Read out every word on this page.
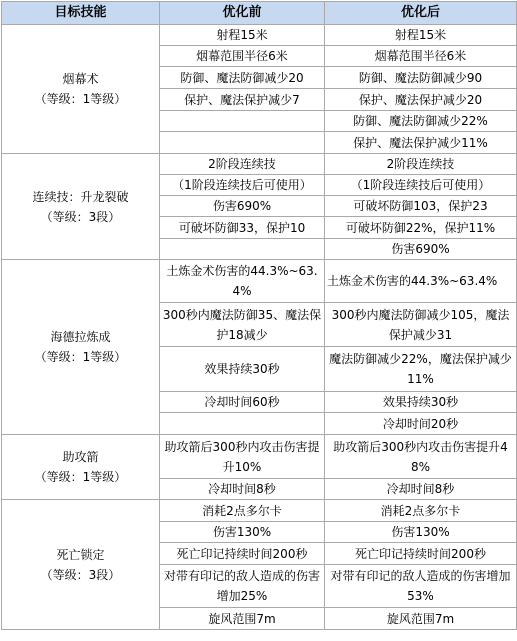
目标技能	优化前	优化后

烟幕术
（等级：1等级）	射程15米	射程15米
	烟幕范围半径6米	烟幕范围半径6米
	防御、魔法防御减少20	防御、魔法防御减少90
	保护、魔法保护减少7	保护、魔法保护减少20
		防御、魔法防御减少22%
		保护、魔法保护减少11%

连续技：升龙裂破
（等级：3段）	2阶段连续技	2阶段连续技
	（1阶段连续技后可使用）	（1阶段连续技后可使用）
	伤害690%	可破坏防御103，保护23
	可破坏防御33，保护10	可破坏防御22%，保护11%
		伤害690%

海德拉炼成
（等级：1等级）	土炼金术伤害的44.3%~63.4%	土炼金术伤害的44.3%~63.4%
	300秒内魔法防御35、魔法保护18减少	300秒内魔法防御减少105，魔法保护减少31
	效果持续30秒	魔法防御减少22%，魔法保护减少11%
	冷却时间60秒	效果持续30秒
		冷却时间20秒

助攻箭
（等级：1等级）	助攻箭后300秒内攻击伤害提升10%	助攻箭后300秒内攻击伤害提升48%
	冷却时间8秒	冷却时间8秒

死亡锁定
（等级：3段）	消耗2点多尔卡	消耗2点多尔卡
	伤害130%	伤害130%
	死亡印记持续时间200秒	死亡印记持续时间200秒
	对带有印记的敌人造成的伤害增加25%	对带有印记的敌人造成的伤害增加53%
	旋风范围7m	旋风范围7m
